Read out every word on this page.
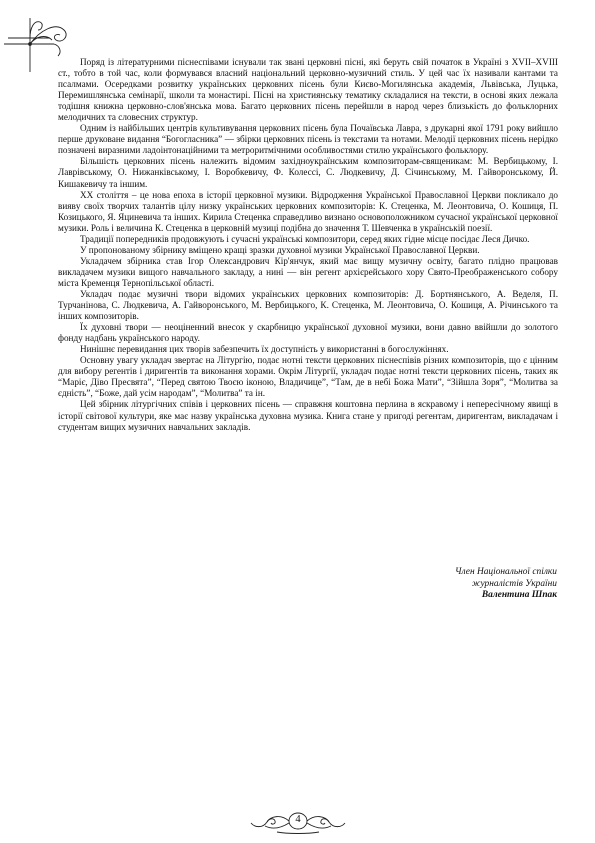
Поряд із літературними піснеспівами існували так звані церковні пісні, які беруть свій початок в Україні з XVII–XVIII ст., тобто в той час, коли формувався власний національний церковно-музичний стиль. У цей час їх називали кантами та псалмами. Осередками розвитку українських церковних пісень були Києво-Могилянська академія, Львівська, Луцька, Перемишлянська семінарії, школи та монастирі. Пісні на християнську тематику складалися на тексти, в основі яких лежала тодішня книжна церковно-слов'янська мова. Багато церковних пісень перейшли в народ через близькість до фольклорних мелодичних та словесних структур.

Одним із найбільших центрів культивування церковних пісень була Почаївська Лавра, з друкарні якої 1791 року вийшло перше друковане видання “Богогласника” — збірки церковних пісень із текстами та нотами. Мелодії церковних пісень нерідко позначені виразними ладоінтонаційними та метроритмічними особливостями стилю українського фольклору.

Більшість церковних пісень належить відомим західноукраїнським композиторам-священикам: М. Вербицькому, І. Лаврівському, О. Нижанківському, І. Воробкевичу, Ф. Колессі, С. Людкевичу, Д. Січинському, М. Гайворонському, Й. Кишакевичу та іншим.

XX століття – це нова епоха в історії церковної музики. Відродження Української Православної Церкви покликало до виявy своїх творчих талантів цілу низку українських церковних композиторів: К. Стеценка, М. Леонтовича, О. Кошиця, П. Козицького, Я. Яциневича та інших. Кирила Стеценка справедливо визнано основоположником сучасної української церковної музики. Роль і величина К. Стеценка в церковній музиці подібна до значення Т. Шевченка в українській поезії.

Традиції попередників продовжують і сучасні українські композитори, серед яких гідне місце посідає Леся Дичко.

У пропонованому збірнику вміщено кращі зразки духовної музики Української Православної Церкви.

Укладачем збірника став Ігор Олександрович Кір'янчук, який має вищу музичну освіту, багато плідно працював викладачем музики вищого навчального закладу, а нині — він регент архієрейського хору Свято-Преображенського собору міста Кременця Тернопільської області.

Укладач подає музичні твори відомих українських церковних композиторів: Д. Бортнянського, А. Веделя, П. Турчанінова, С. Людкевича, А. Гайворонського, М. Вербицького, К. Стеценка, М. Леонтовича, О. Кошиця, А. Річинського та інших композиторів.

Їх духовні твори — неоціненний внесок у скарбницю української духовної музики, вони давно ввійшли до золотого фонду надбань українського народу.

Нинішнє перевидання цих творів забезпечить їх доступність у використанні в богослужіннях.

Основну увагу укладач звертає на Літургію, подає нотні тексти церковних піснеспівів різних композиторів, що є цінним для вибору регентів і диригентів та виконання хорами. Окрім Літургії, укладач подає нотні тексти церковних пісень, таких як “Маріє, Діво Пресвята”, “Перед святою Твоєю іконою, Владичице”, “Там, де в небі Божа Мати”, “Зійшла Зоря”, “Молитва за єдність”, “Боже, дай усім народам”, “Молитва” та ін.

Цей збірник літургічних співів і церковних пісень — справжня коштовна перлина в яскравому і непересічному явищі в історії світової культури, яке має назву українська духовна музика. Книга стане у пригоді регентам, диригентам, викладачам і студентам вищих музичних навчальних закладів.

Член Національної спілки
журналістів України
Валентина Шпак
4
